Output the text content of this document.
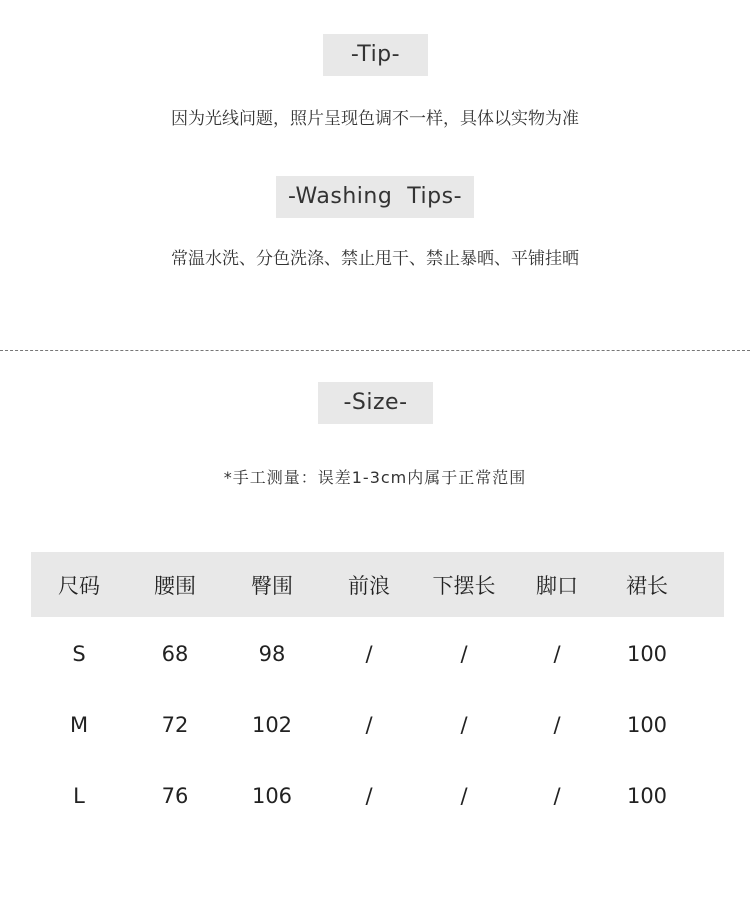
-Tip-
因为光线问题，照片呈现色调不一样，具体以实物为准
-Washing  Tips-
常温水洗、分色洗涤、禁止甩干、禁止暴晒、平铺挂晒
-Size-
*手工测量：误差1-3cm内属于正常范围
尺码	腰围	臀围	前浪	下摆长	脚口	裙长
S	68	98	/	/	/	100
M	72	102	/	/	/	100
L	76	106	/	/	/	100
